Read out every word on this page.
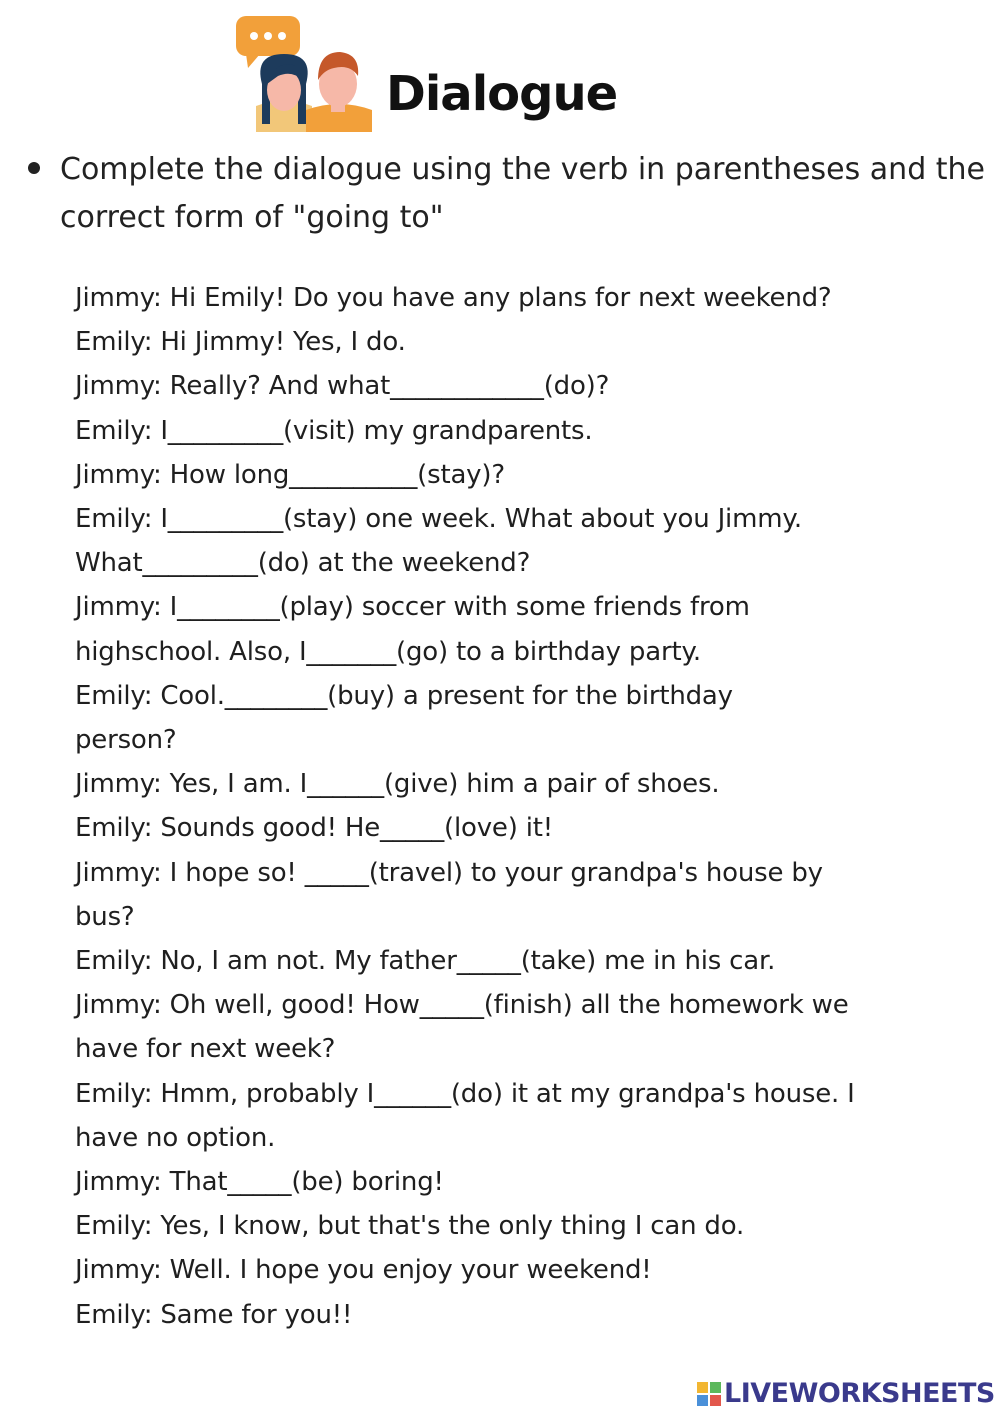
Dialogue
Complete the dialogue using the verb in parentheses and the correct form of "going to"
Jimmy: Hi Emily! Do you have any plans for next weekend?
Emily: Hi Jimmy! Yes, I do.
Jimmy: Really? And what____________(do)?
Emily: I_________(visit) my grandparents.
Jimmy: How long__________(stay)?
Emily: I_________(stay) one week. What about you Jimmy.
What_________(do) at the weekend?
Jimmy: I________(play) soccer with some friends from
highschool. Also, I_______(go) to a birthday party.
Emily: Cool.________(buy) a present for the birthday
person?
Jimmy: Yes, I am. I______(give) him a pair of shoes.
Emily: Sounds good! He_____(love) it!
Jimmy: I hope so! _____(travel) to your grandpa's house by
bus?
Emily: No, I am not. My father_____(take) me in his car.
Jimmy: Oh well, good! How_____(finish) all the homework we
have for next week?
Emily: Hmm, probably I______(do) it at my grandpa's house. I
have no option.
Jimmy: That_____(be) boring!
Emily: Yes, I know, but that's the only thing I can do.
Jimmy: Well. I hope you enjoy your weekend!
Emily: Same for you!!
LIVEWORKSHEETS
